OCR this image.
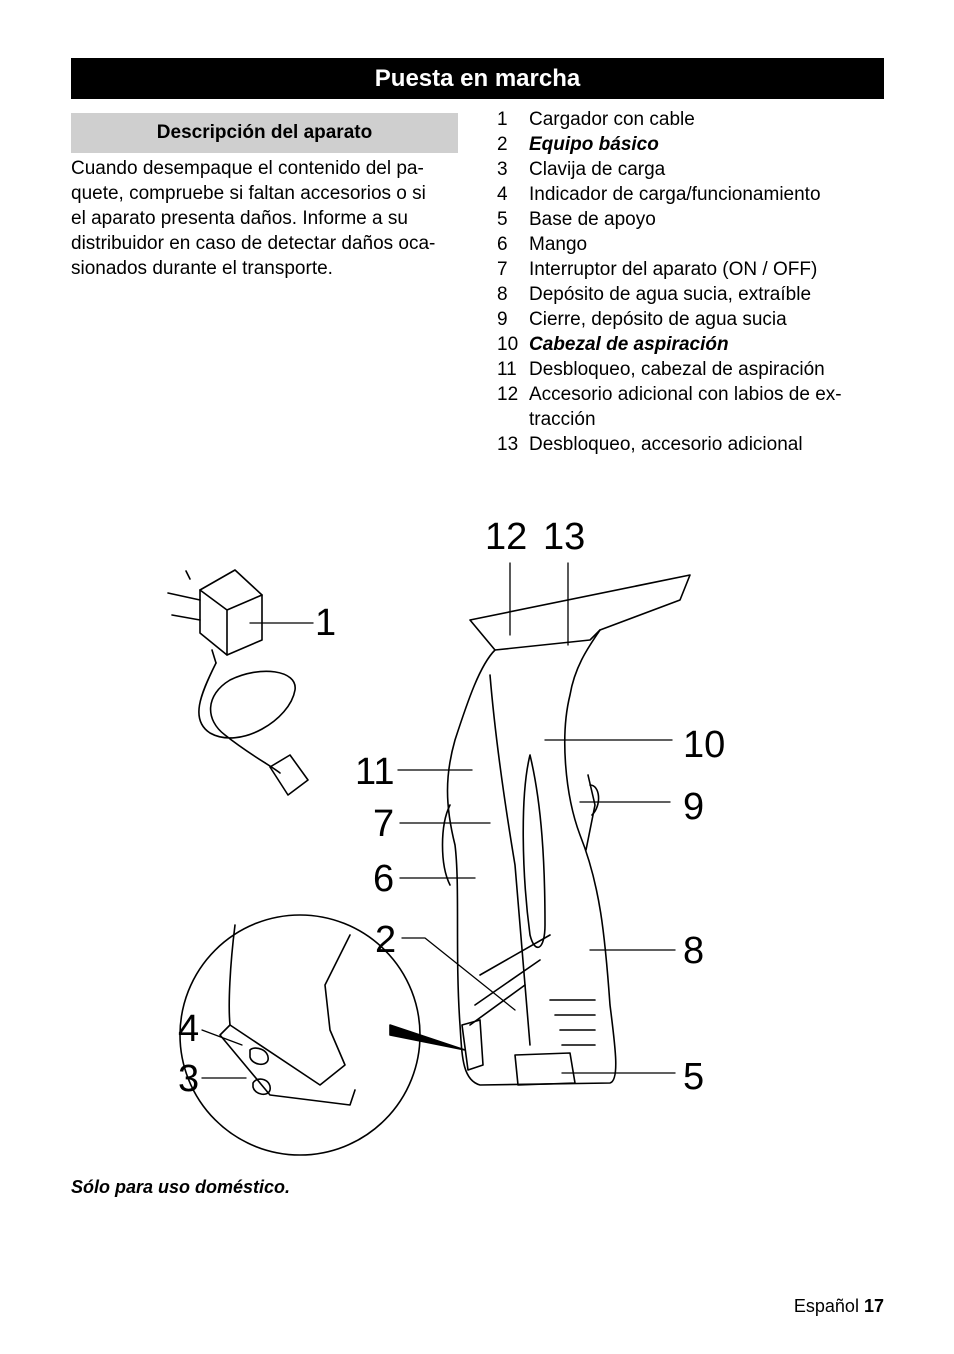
Puesta en marcha
Descripción del aparato
Cuando desempaque el contenido del pa-
quete, compruebe si faltan accesorios o si
el aparato presenta daños. Informe a su
distribuidor en caso de detectar daños oca-
sionados durante el transporte.
1	Cargador con cable
2	Equipo básico
3	Clavija de carga
4	Indicador de carga/funcionamiento
5	Base de apoyo
6	Mango
7	Interruptor del aparato (ON / OFF)
8	Depósito de agua sucia, extraíble
9	Cierre, depósito de agua sucia
10 Cabezal de aspiración
11 Desbloqueo, cabezal de aspiración
12 Accesorio adicional con labios de ex-
tracción
13 Desbloqueo, accesorio adicional
1
2
3
4
5
6
7
8
9
10
11
12 13
Sólo para uso doméstico.
Español 17
